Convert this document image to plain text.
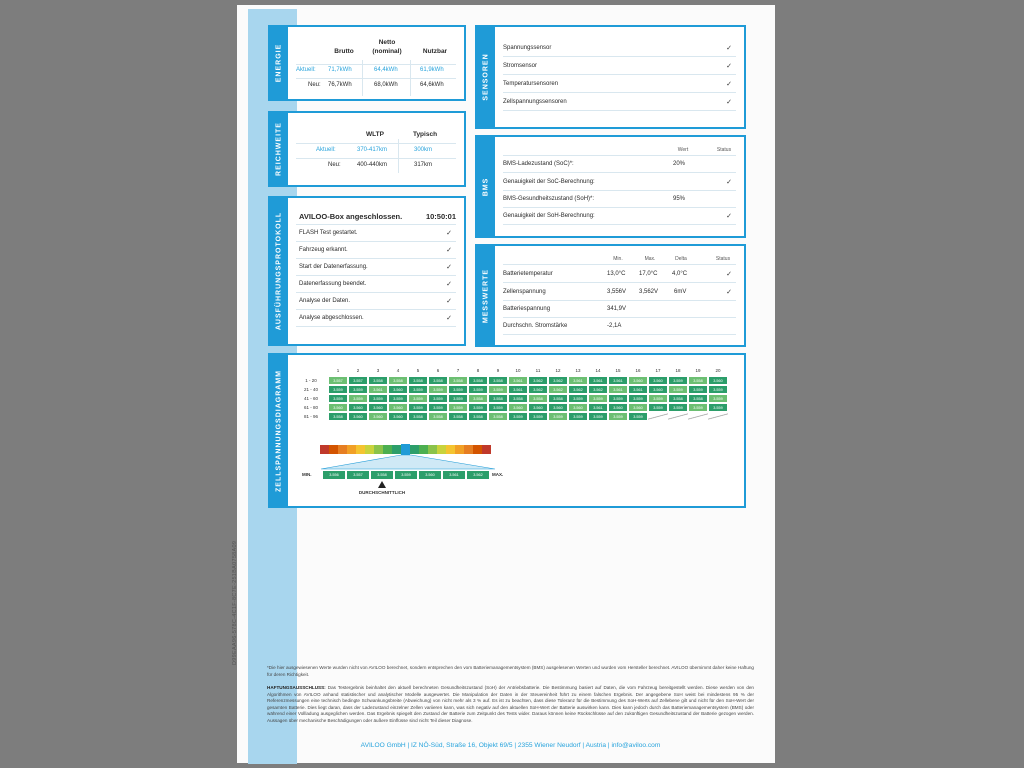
D99EAA96-578C-4C1F-8C7E-251BA0758A09
ENERGIE	Brutto
Netto
(nominal)	Nutzbar
Aktuell: 71,7kWh	64,4kWh	61,9kWh
Neu: 76,7kWh	68,0kWh	64,6kWh
REICHWEITE	WLTP	Typisch
Aktuell:	370-417km	300km
Neu:	400-440km	317km
AUSFÜHRUNGSPROTOKOLL AVILOO-Box angeschlossen.	10:50:01
FLASH Test gestartet.	✓
Fahrzeug erkannt.	✓
Start der Datenerfassung.	✓
Datenerfassung beendet.	✓
Analyse der Daten.	✓
Analyse abgeschlossen.	✓
SENSOREN
Spannungssensor	✓
Stromsensor	✓
Temperatursensoren	✓
Zellspannungssensoren	✓
BMS
Wert	Status
BMS-Ladezustand (SoC)*:	20%
Genauigkeit der SoC-Berechnung:	✓
BMS-Gesundheitszustand (SoH)*:	95%
Genauigkeit der SoH-Berechnung:	✓
MESSWERTE
Min.	Max.	Delta	Status
Batterietemperatur	13,0°C 17,0°C 4,0°C	✓
Zellenspannung	3,556V 3,562V	6mV	✓
Batteriespannung	341,9V
Durchschn. Stromstärke	-2,1A
ZELLSPANNUNGSDIAGRAMM	1	2	3	4	5	6	7	8	9	10	11	12	13	14	15	16	17	18	19	20
1 - 20	3.557	3.557	3.558	3.558	3.558	3.558	3.558	3.558	3.558	3.561	3.562	3.562	3.561	3.561	3.561	3.560	3.560	3.559	3.558	3.560
21 - 40	3.559	3.559	3.561	3.560	3.559	3.559	3.559	3.559	3.559	3.561	3.562	3.562	3.562	3.562	3.561	3.561	3.560	3.559	3.559	3.559
41 - 60	3.559	3.559	3.559	3.559	3.559	3.559	3.559	3.558	3.558	3.558	3.558	3.558	3.559	3.559	3.559	3.559	3.559	3.558	3.558	3.559
61 - 80	3.560	3.560	3.560	3.560	3.559	3.559	3.559	3.559	3.559	3.560	3.560	3.560	3.560	3.561	3.560	3.560	3.559	3.559	3.559	3.559
81 - 96	3.558	3.560	3.560	3.560	3.558	3.558	3.558	3.558	3.558	3.559	3.559	3.559	3.559	3.559	3.559	3.559
MIN.	3.556	3.557	3.558	3.559	3.560	3.561	3.562	MAX.
DURCHSCHNITTLICH
*Die hier ausgewiesenen Werte wurden nicht von AVILOO berechnet, sondern entsprechen den vom Batteriemanagementsystem (BMS) ausgelesenen Werten und wurden vom Hersteller berechnet. AVILOO übernimmt daher keine Haftung für deren Richtigkeit.
HAFTUNGSAUSSCHLUSS: Das Testergebnis beinhaltet den aktuell berechneten Gesundheitszustand (SoH) der Antriebsbatterie. Die Bestimmung basiert auf Daten, die vom Fahrzeug bereitgestellt werden. Diese werden von den Algorithmen von AVILOO anhand statistischer und analytischer Modelle ausgewertet. Die Manipulation der Daten in der Steuereinheit führt zu einem falschen Ergebnis. Der angegebene SoH weist bei mindestens 95 % der Referenzmessungen eine technisch bedingte Schwankungsbreite (Abweichung) von nicht mehr als 3 % auf. Es ist zu beachten, dass diese Toleranz für die Bestimmung des SoH-Werts auf Zellebene gilt und nicht für den SoH-Wert der gesamten Batterie. Dies liegt daran, dass der Ladezustand einzelner Zellen variieren kann, was sich negativ auf den aktuellen SoH-Wert der Batterie auswirken kann. Dies kann jedoch durch das Batteriemanagementsystem (BMS) oder während einer Vollladung ausgeglichen werden. Das Ergebnis spiegelt den Zustand der Batterie zum Zeitpunkt des Tests wider. Daraus können keine Rückschlüsse auf den zukünftigen Gesundheitszustand der Batterie gezogen werden. Aussagen über mechanische Beschädigungen oder äußere Einflüsse sind nicht Teil dieser Diagnose.
AVILOO GmbH | IZ NÖ-Süd, Straße 16, Objekt 69/5 | 2355 Wiener Neudorf | Austria | info@aviloo.com
